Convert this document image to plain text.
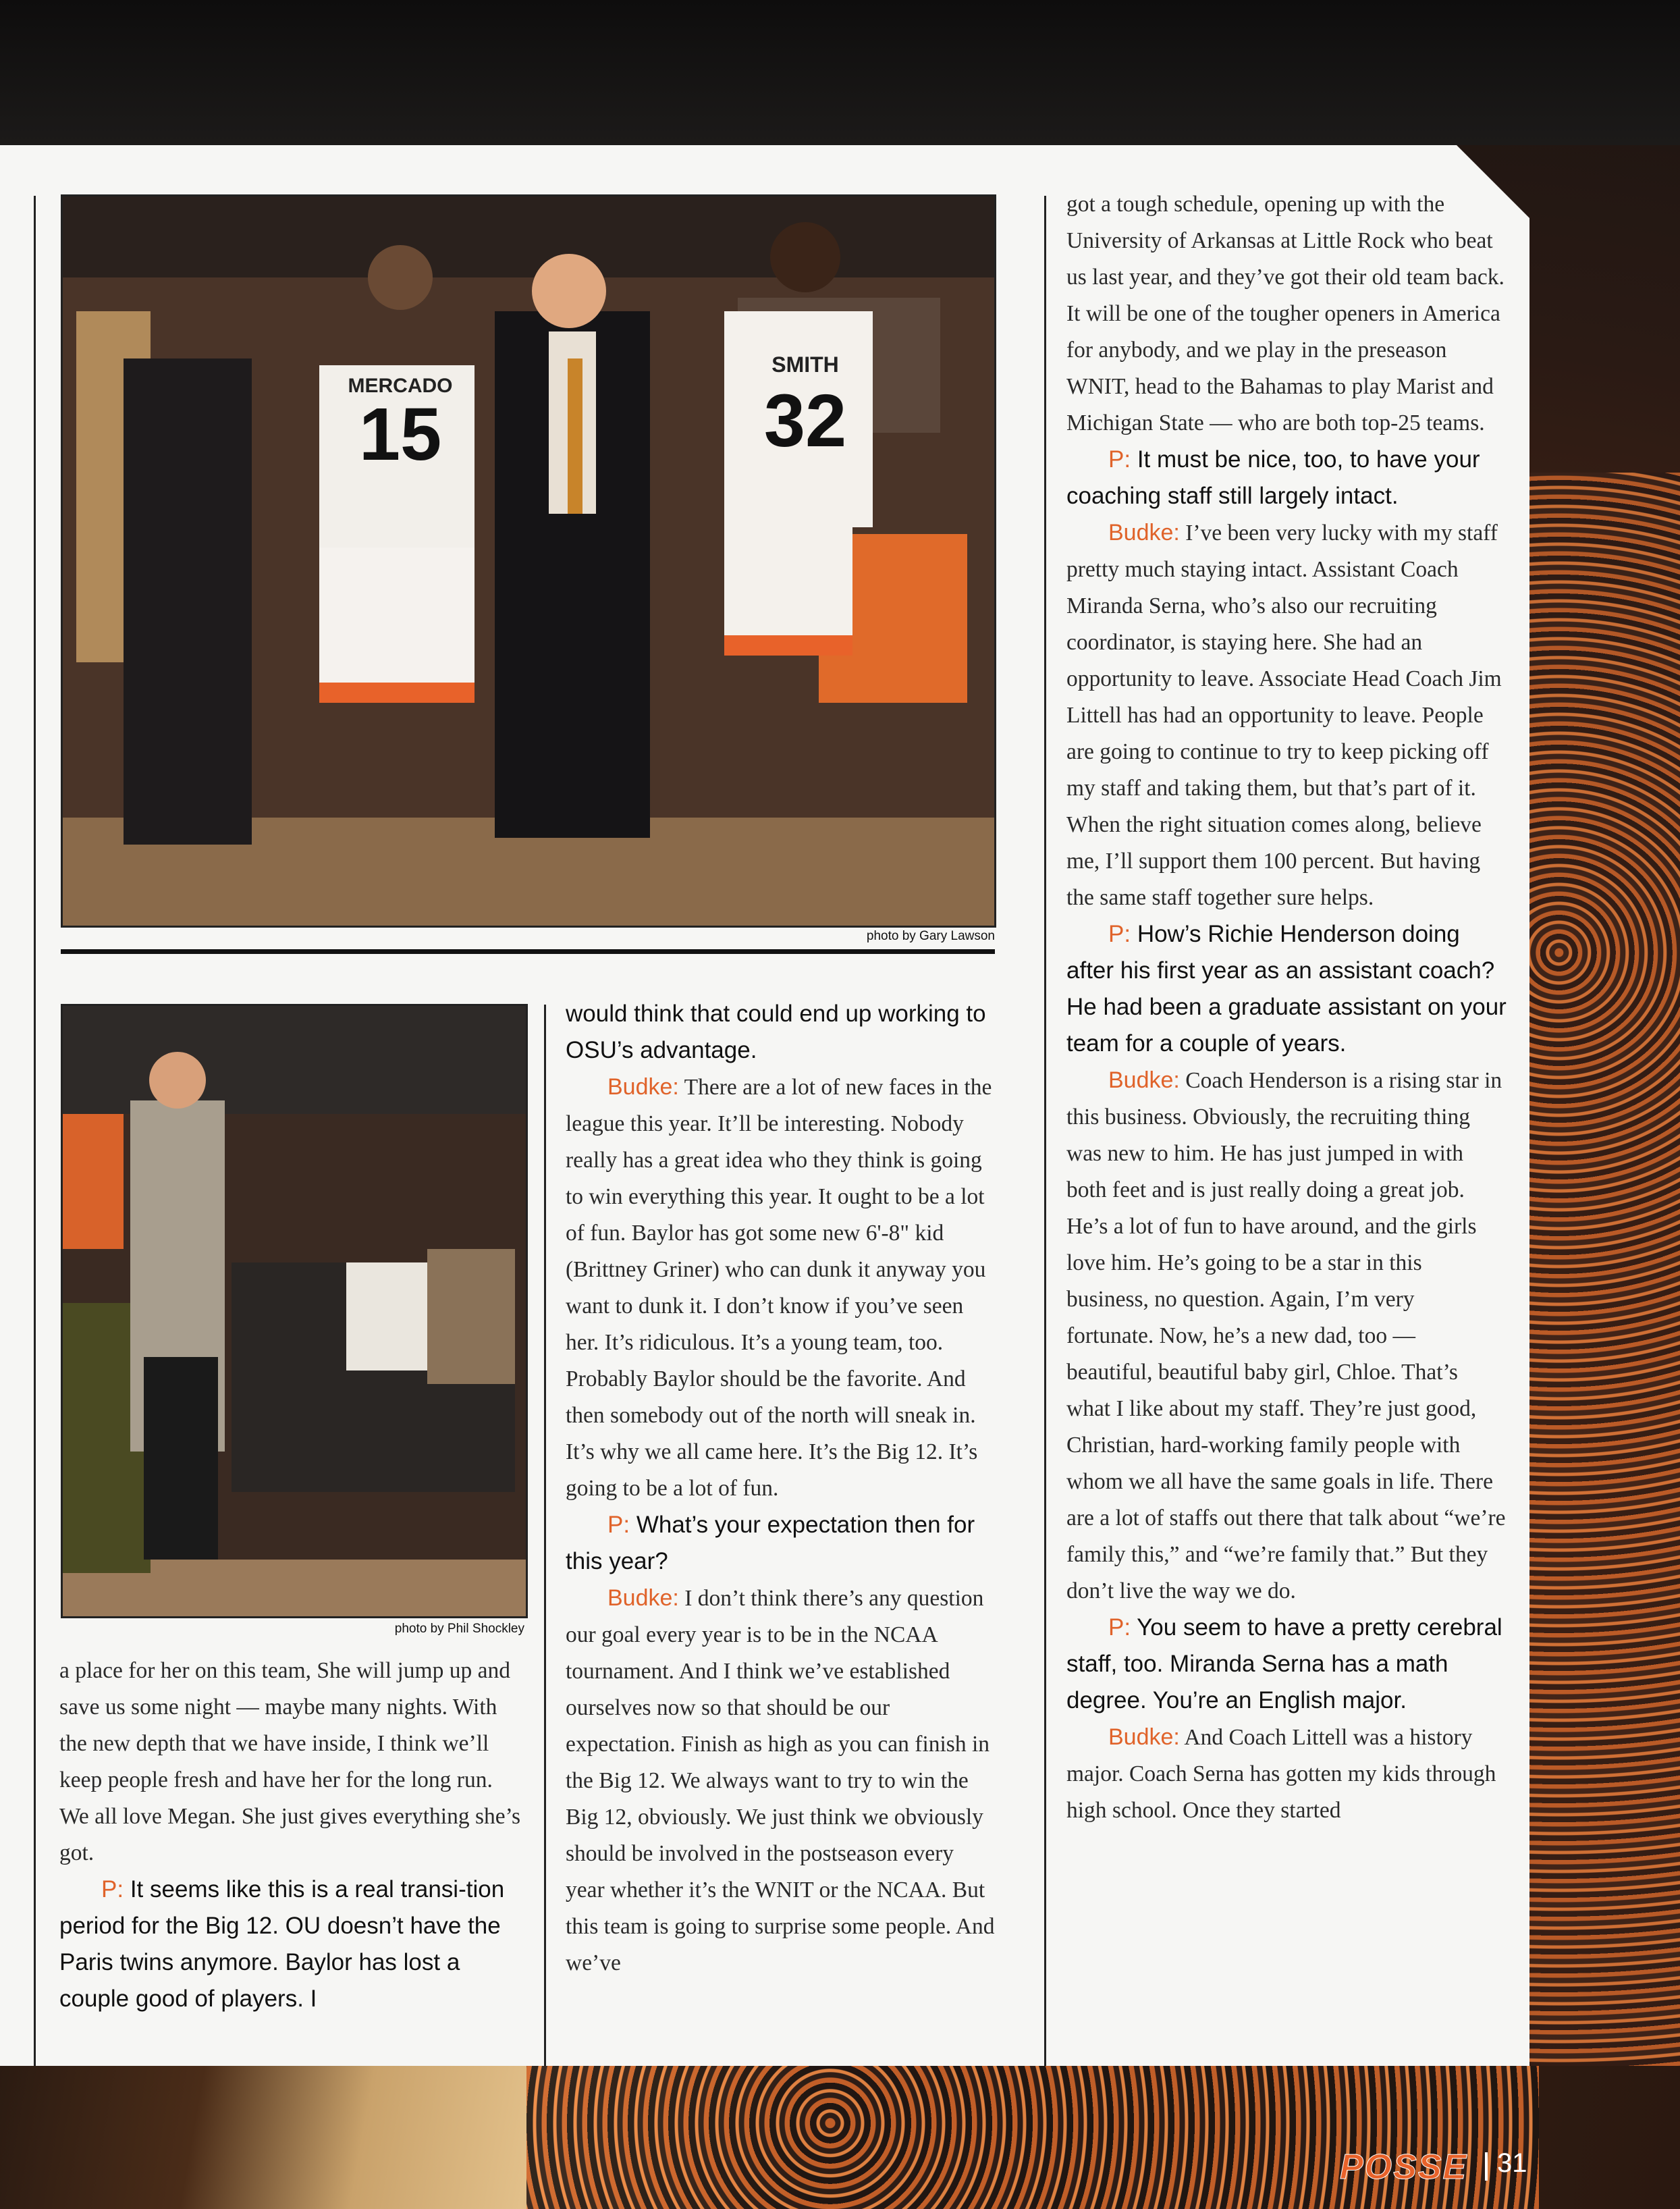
MERCADO
15
SMITH
32
photo by Gary Lawson
photo by Phil Shockley

a place for her on this team, She will jump up and save us some night — maybe many nights. With the new depth that we have inside, I think we’ll keep people fresh and have her for the long run. We all love Megan. She just gives everything she’s got.

P: It seems like this is a real transi-tion period for the Big 12. OU doesn’t have the Paris twins anymore. Baylor has lost a couple good of players. I

would think that could end up working to OSU’s advantage.

Budke: There are a lot of new faces in the league this year. It’ll be interesting. Nobody really has a great idea who they think is going to win everything this year. It ought to be a lot of fun. Baylor has got some new 6'-8" kid (Brittney Griner) who can dunk it anyway you want to dunk it. I don’t know if you’ve seen her. It’s ridiculous. It’s a young team, too. Probably Baylor should be the favorite. And then somebody out of the north will sneak in. It’s why we all came here. It’s the Big 12. It’s going to be a lot of fun.

P: What’s your expectation then for this year?

Budke: I don’t think there’s any question our goal every year is to be in the NCAA tournament. And I think we’ve established ourselves now so that should be our expectation. Finish as high as you can finish in the Big 12. We always want to try to win the Big 12, obviously. We just think we obviously should be involved in the postseason every year whether it’s the WNIT or the NCAA. But this team is going to surprise some people. And we’ve

got a tough schedule, opening up with the University of Arkansas at Little Rock who beat us last year, and they’ve got their old team back. It will be one of the tougher openers in America for anybody, and we play in the preseason WNIT, head to the Bahamas to play Marist and Michigan State — who are both top-25 teams.

P: It must be nice, too, to have your coaching staff still largely intact.

Budke: I’ve been very lucky with my staff pretty much staying intact. Assistant Coach Miranda Serna, who’s also our recruiting coordinator, is staying here. She had an opportunity to leave. Associate Head Coach Jim Littell has had an opportunity to leave. People are going to continue to try to keep picking off my staff and taking them, but that’s part of it. When the right situation comes along, believe me, I’ll support them 100 percent. But having the same staff together sure helps.

P: How’s Richie Henderson doing after his first year as an assistant coach? He had been a graduate assistant on your team for a couple of years.

Budke: Coach Henderson is a rising star in this business. Obviously, the recruiting thing was new to him. He has just jumped in with both feet and is just really doing a great job. He’s a lot of fun to have around, and the girls love him. He’s going to be a star in this business, no question. Again, I’m very fortunate. Now, he’s a new dad, too — beautiful, beautiful baby girl, Chloe. That’s what I like about my staff. They’re just good, Christian, hard-working family people with whom we all have the same goals in life. There are a lot of staffs out there that talk about “we’re family this,” and “we’re family that.” But they don’t live the way we do.

P: You seem to have a pretty cerebral staff, too. Miranda Serna has a math degree. You’re an English major.

Budke: And Coach Littell was a history major. Coach Serna has gotten my kids through high school. Once they started

POSSE 31
